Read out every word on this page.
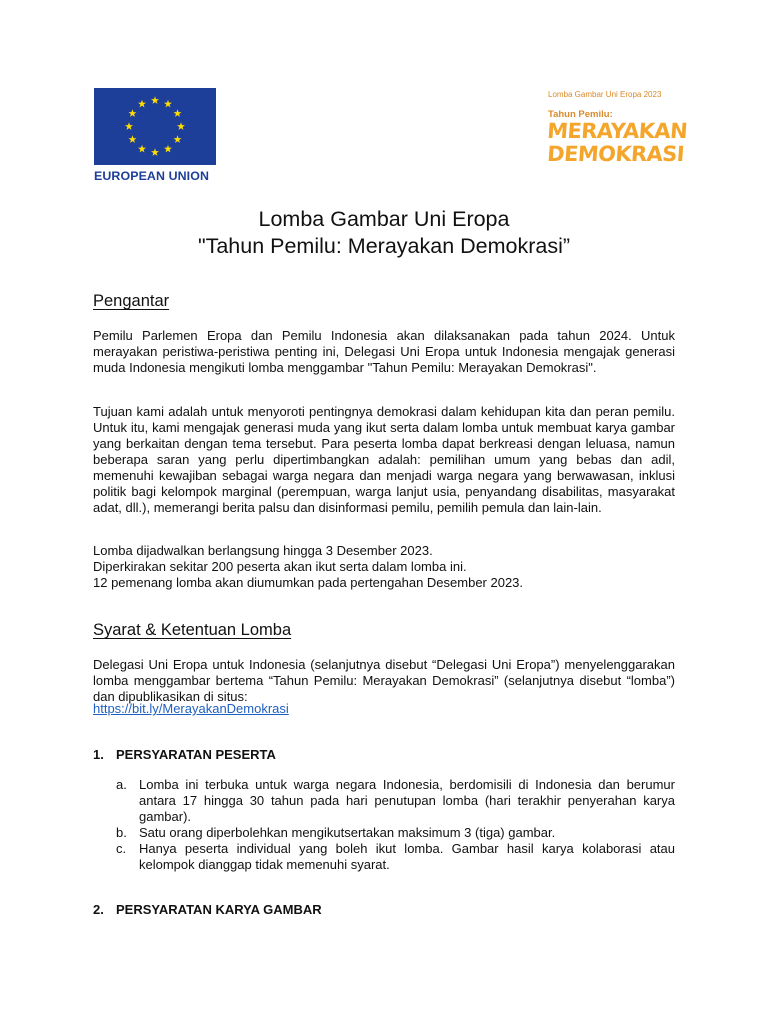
EUROPEAN UNION
Lomba Gambar Uni Eropa 2023
Tahun Pemilu:
MERAYAKAN
DEMOKRASI
Lomba Gambar Uni Eropa
"Tahun Pemilu: Merayakan Demokrasi”
Pengantar
Pemilu Parlemen Eropa dan Pemilu Indonesia akan dilaksanakan pada tahun 2024. Untuk merayakan peristiwa-peristiwa penting ini, Delegasi Uni Eropa untuk Indonesia mengajak generasi muda Indonesia mengikuti lomba menggambar "Tahun Pemilu: Merayakan Demokrasi".
Tujuan kami adalah untuk menyoroti pentingnya demokrasi dalam kehidupan kita dan peran pemilu. Untuk itu, kami mengajak generasi muda yang ikut serta dalam lomba untuk membuat karya gambar yang berkaitan dengan tema tersebut. Para peserta lomba dapat berkreasi dengan leluasa, namun beberapa saran yang perlu dipertimbangkan adalah: pemilihan umum yang bebas dan adil, memenuhi kewajiban sebagai warga negara dan menjadi warga negara yang berwawasan, inklusi politik bagi kelompok marginal (perempuan, warga lanjut usia, penyandang disabilitas, masyarakat adat, dll.), memerangi berita palsu dan disinformasi pemilu, pemilih pemula dan lain-lain.
Lomba dijadwalkan berlangsung hingga 3 Desember 2023.
Diperkirakan sekitar 200 peserta akan ikut serta dalam lomba ini.
12 pemenang lomba akan diumumkan pada pertengahan Desember 2023.
Syarat & Ketentuan Lomba
Delegasi Uni Eropa untuk Indonesia (selanjutnya disebut “Delegasi Uni Eropa”) menyelenggarakan lomba menggambar bertema “Tahun Pemilu: Merayakan Demokrasi” (selanjutnya disebut “lomba”) dan dipublikasikan di situs:
https://bit.ly/MerayakanDemokrasi
1. PERSYARATAN PESERTA
a. Lomba ini terbuka untuk warga negara Indonesia, berdomisili di Indonesia dan berumur antara 17 hingga 30 tahun pada hari penutupan lomba (hari terakhir penyerahan karya gambar).
b. Satu orang diperbolehkan mengikutsertakan maksimum 3 (tiga) gambar.
c. Hanya peserta individual yang boleh ikut lomba. Gambar hasil karya kolaborasi atau kelompok dianggap tidak memenuhi syarat.
2. PERSYARATAN KARYA GAMBAR
